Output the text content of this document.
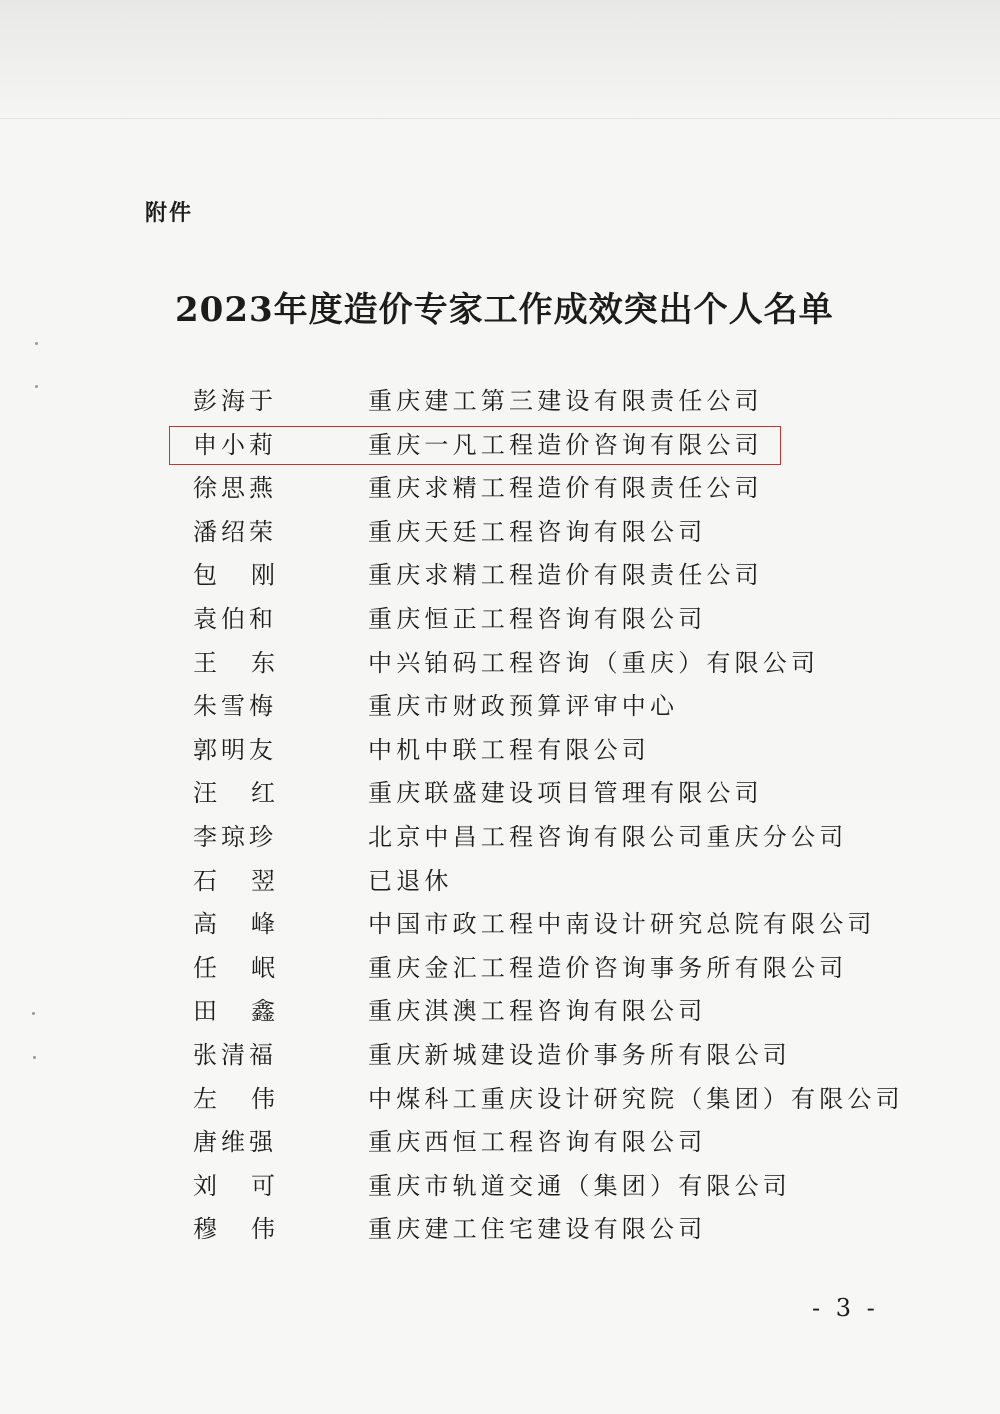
附件
2023年度造价专家工作成效突出个人名单
彭海于	重庆建工第三建设有限责任公司
申小莉	重庆一凡工程造价咨询有限公司
徐思燕	重庆求精工程造价有限责任公司
潘绍荣	重庆天廷工程咨询有限公司
包刚	重庆求精工程造价有限责任公司
袁伯和	重庆恒正工程咨询有限公司
王东	中兴铂码工程咨询（重庆）有限公司
朱雪梅	重庆市财政预算评审中心
郭明友	中机中联工程有限公司
汪红	重庆联盛建设项目管理有限公司
李琼珍	北京中昌工程咨询有限公司重庆分公司
石翌	已退休
高峰	中国市政工程中南设计研究总院有限公司
任岷	重庆金汇工程造价咨询事务所有限公司
田鑫	重庆淇澳工程咨询有限公司
张清福	重庆新城建设造价事务所有限公司
左伟	中煤科工重庆设计研究院（集团）有限公司
唐维强	重庆西恒工程咨询有限公司
刘可	重庆市轨道交通（集团）有限公司
穆伟	重庆建工住宅建设有限公司
- 3 -
